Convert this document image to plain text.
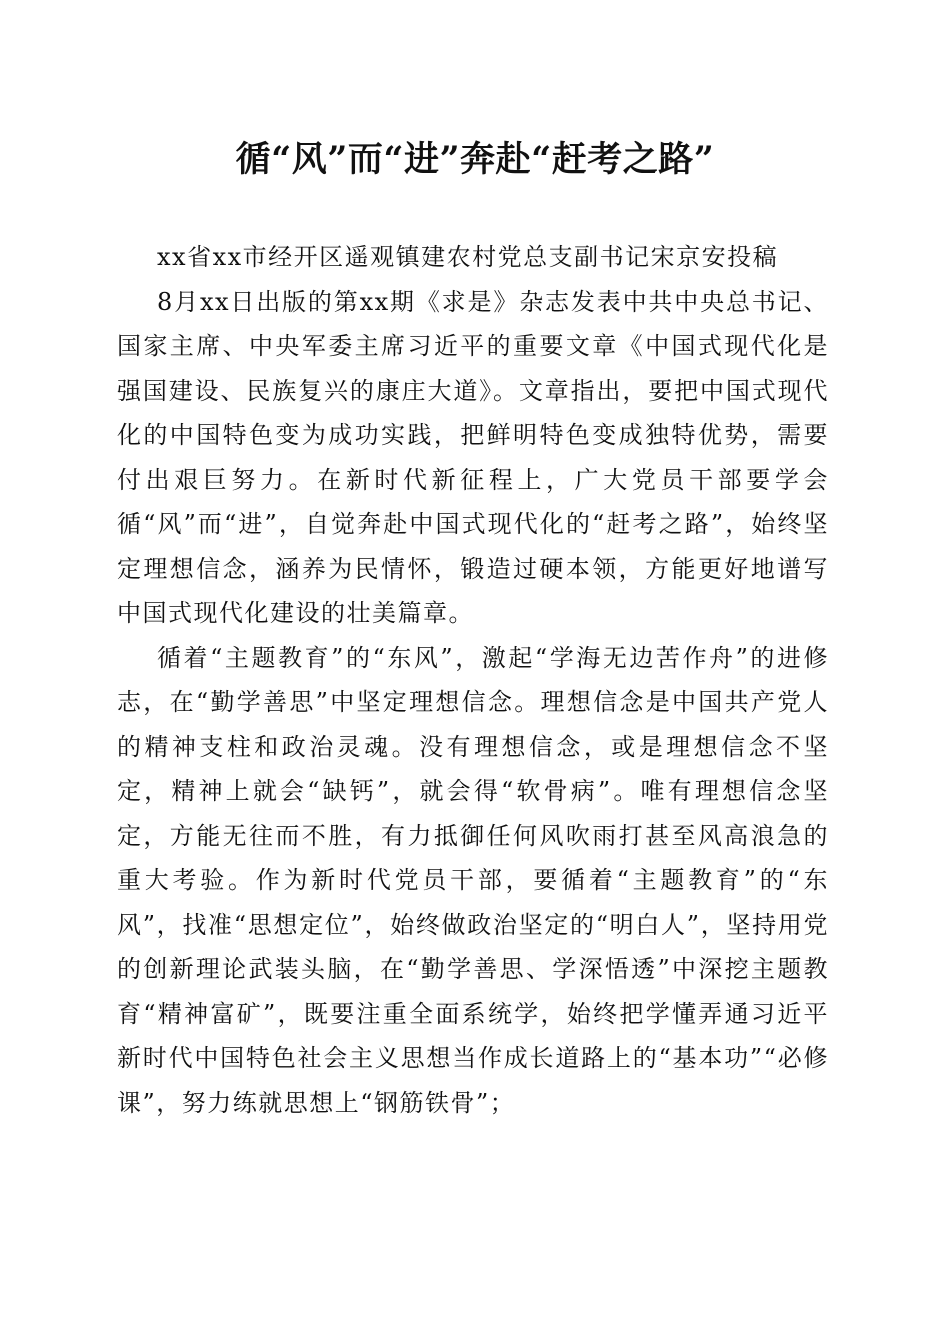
循“风”而“进”奔赴“赶考之路”

xx省xx市经开区遥观镇建农村党总支副书记宋京安投稿

8月xx日出版的第xx期《求是》杂志发表中共中央总书记、国家主席、中央军委主席习近平的重要文章《中国式现代化是强国建设、民族复兴的康庄大道》。文章指出，要把中国式现代化的中国特色变为成功实践，把鲜明特色变成独特优势，需要付出艰巨努力。在新时代新征程上，广大党员干部要学会循“风”而“进”，自觉奔赴中国式现代化的“赶考之路”，始终坚定理想信念，涵养为民情怀，锻造过硬本领，方能更好地谱写中国式现代化建设的壮美篇章。

循着“主题教育”的“东风”，激起“学海无边苦作舟”的进修志，在“勤学善思”中坚定理想信念。理想信念是中国共产党人的精神支柱和政治灵魂。没有理想信念，或是理想信念不坚定，精神上就会“缺钙”，就会得“软骨病”。唯有理想信念坚定，方能无往而不胜，有力抵御任何风吹雨打甚至风高浪急的重大考验。作为新时代党员干部，要循着“主题教育”的“东风”，找准“思想定位”，始终做政治坚定的“明白人”，坚持用党的创新理论武装头脑，在“勤学善思、学深悟透”中深挖主题教育“精神富矿”，既要注重全面系统学，始终把学懂弄通习近平新时代中国特色社会主义思想当作成长道路上的“基本功”“必修课”，努力练就思想上“钢筋铁骨”；
